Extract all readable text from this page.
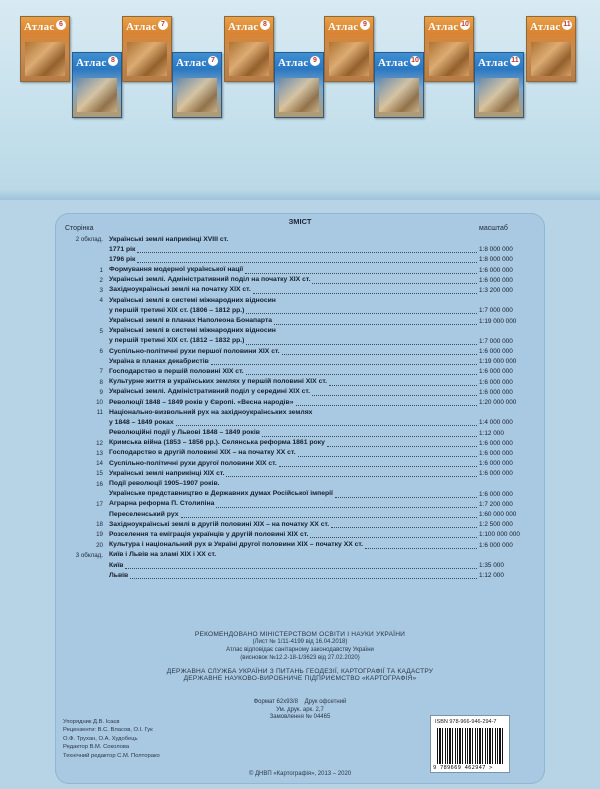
Атлас 6
Атлас 8
Атлас 7
Атлас 7
Атлас 8
Атлас 9
Атлас 9
Атлас 10
Атлас 10
Атлас 11
Атлас 11
ЗМІСТ
Сторінка	масштаб
2 обклад. Українські землі наприкінці XVIII ст.
1771 рік	1:8 000 000
1796 рік	1:8 000 000
1 Формування модерної української нації	1:6 000 000
2 Українські землі. Адміністративний поділ на початку XIX ст.	1:6 000 000
3 Західноукраїнські землі на початку XIX ст.	1:3 200 000
4 Українські землі в системі міжнародних відносин
у першій третині XIX ст. (1806 – 1812 рр.)	1:7 000 000
Українські землі в планах Наполеона Бонапарта	1:19 000 000
5 Українські землі в системі міжнародних відносин
у першій третині XIX ст. (1812 – 1832 рр.)	1:7 000 000
6 Суспільно-політичні рухи першої половини XIX ст.	1:6 000 000
Україна в планах декабристів	1:19 000 000
7 Господарство в першій половині XIX ст.	1:6 000 000
8 Культурне життя в українських землях у першій половині XIX ст.	1:6 000 000
9 Українські землі. Адміністративний поділ у середині XIX ст.	1:6 000 000
10 Революції 1848 – 1849 років у Європі. «Весна народів»	1:20 000 000
11 Національно-визвольний рух на західноукраїнських землях
у 1848 – 1849 роках	1:4 000 000
Революційні події у Львові 1848 – 1849 років	1:12 000
12 Кримська війна (1853 – 1856 рр.). Селянська реформа 1861 року	1:6 000 000
13 Господарство в другій половині XIX – на початку XX ст.	1:6 000 000
14 Суспільно-політичні рухи другої половини XIX ст.	1:6 000 000
15 Українські землі наприкінці XIX ст.	1:6 000 000
16 Події революції 1905–1907 років.
Українське представництво в Державних думах Російської імперії	1:6 000 000
17 Аграрна реформа П. Столипіна	1:7 200 000
Переселенський рух	1:60 000 000
18 Західноукраїнські землі в другій половині XIX – на початку XX ст.	1:2 500 000
19 Розселення та еміграція українців у другій половині XIX ст.	1:100 000 000
20 Культура і національний рух в Україні другої половини XIX – початку XX ст.	1:6 000 000
3 обклад. Київ і Львів на зламі XIX і XX ст.
Київ	1:35 000
Львів	1:12 000
РЕКОМЕНДОВАНО МІНІСТЕРСТВОМ ОСВІТИ І НАУКИ УКРАЇНИ
(Лист № 1/11-4199 від 16.04.2018)
Атлас відповідає санітарному законодавству України
(висновок №12.2-18-1/3623 від 27.02.2020)
ДЕРЖАВНА СЛУЖБА УКРАЇНИ З ПИТАНЬ ГЕОДЕЗІЇ, КАРТОГРАФІЇ ТА КАДАСТРУ
ДЕРЖАВНЕ НАУКОВО-ВИРОБНИЧЕ ПІДПРИЄМСТВО «КАРТОГРАФІЯ»
Формат 62х93/8 Друк офсетний
Ум. друк. арк. 2,7
Замовлення № 04465
Упорядник Д.В. Ісаєв
Рецензенти: В.С. Власов, О.І. Гук
О.Ф. Трухан, О.А. Худобець
Редактор В.М. Соколова
Технічний редактор С.М. Полторако
ISBN 978-966-946-294-7
9 789669 462947 >
© ДНВП «Картографія», 2013 – 2020
